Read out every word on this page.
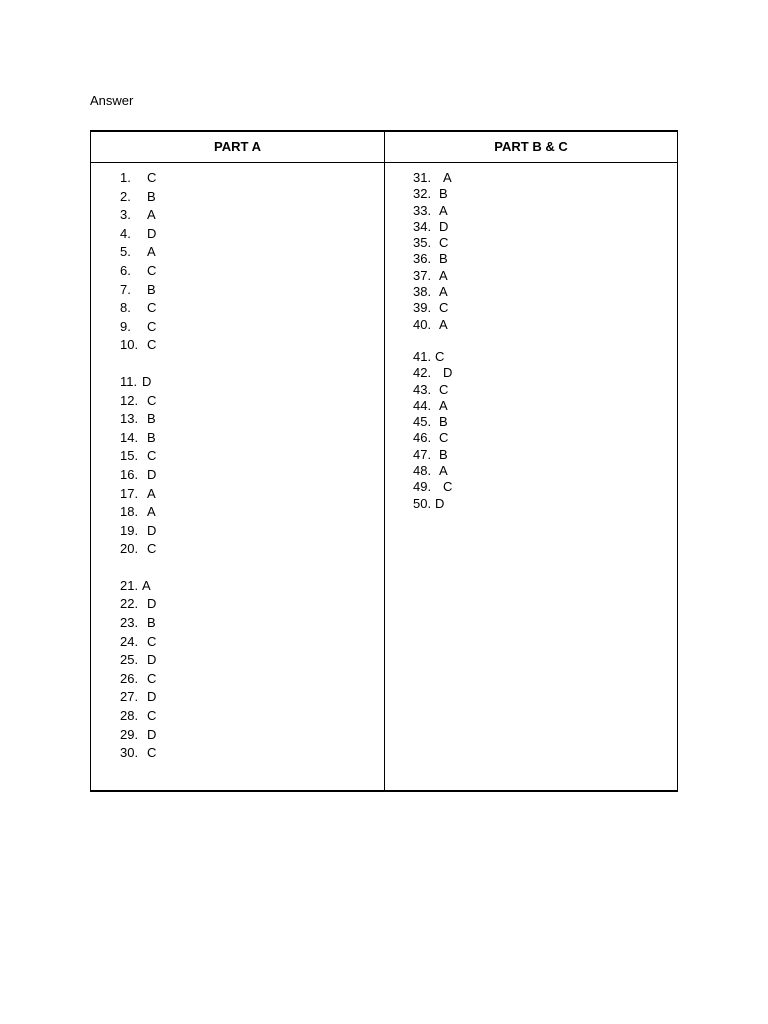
Answer
PART A	PART B & C
1. C
2. B
3. A
4. D
5. A
6. C
7. B
8. C
9. C
10. C
11. D
12. C
13. B
14. B
15. C
16. D
17. A
18. A
19. D
20. C
21. A
22. D
23. B
24. C
25. D
26. C
27. D
28. C
29. D
30. C
31. A
32. B
33. A
34. D
35. C
36. B
37. A
38. A
39. C
40. A
41. C
42. D
43. C
44. A
45. B
46. C
47. B
48. A
49. C
50. D
